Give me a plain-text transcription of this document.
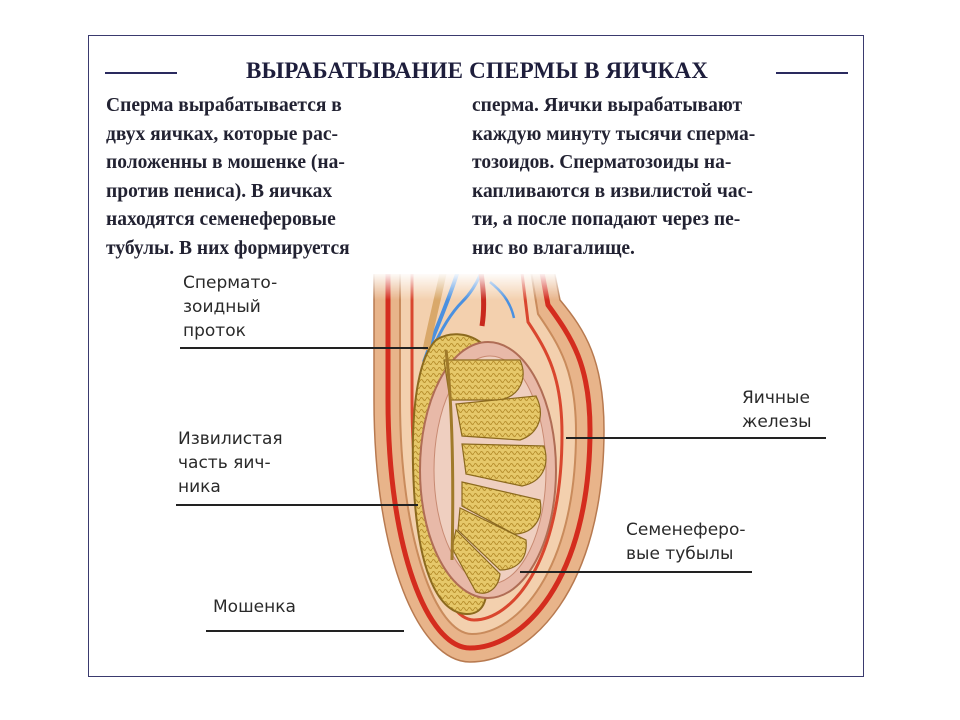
ВЫРАБАТЫВАНИЕ СПЕРМЫ В ЯИЧКАХ
Сперма вырабатывается в
двух яичках, которые рас-
положенны в мошенке (на-
против пениса). В яичках
находятся семенеферовые
тубулы. В них формируется
сперма. Яички вырабатывают
каждую минуту тысячи сперма-
тозоидов. Сперматозоиды на-
капливаются в извилистой час-
ти, а после попадают через пе-
нис во влагалище.
Сперматo-
зоидный
проток
Яичные
железы
Извилистая
часть яич-
ника
Семенеферо-
вые тубылы
Мошенка
